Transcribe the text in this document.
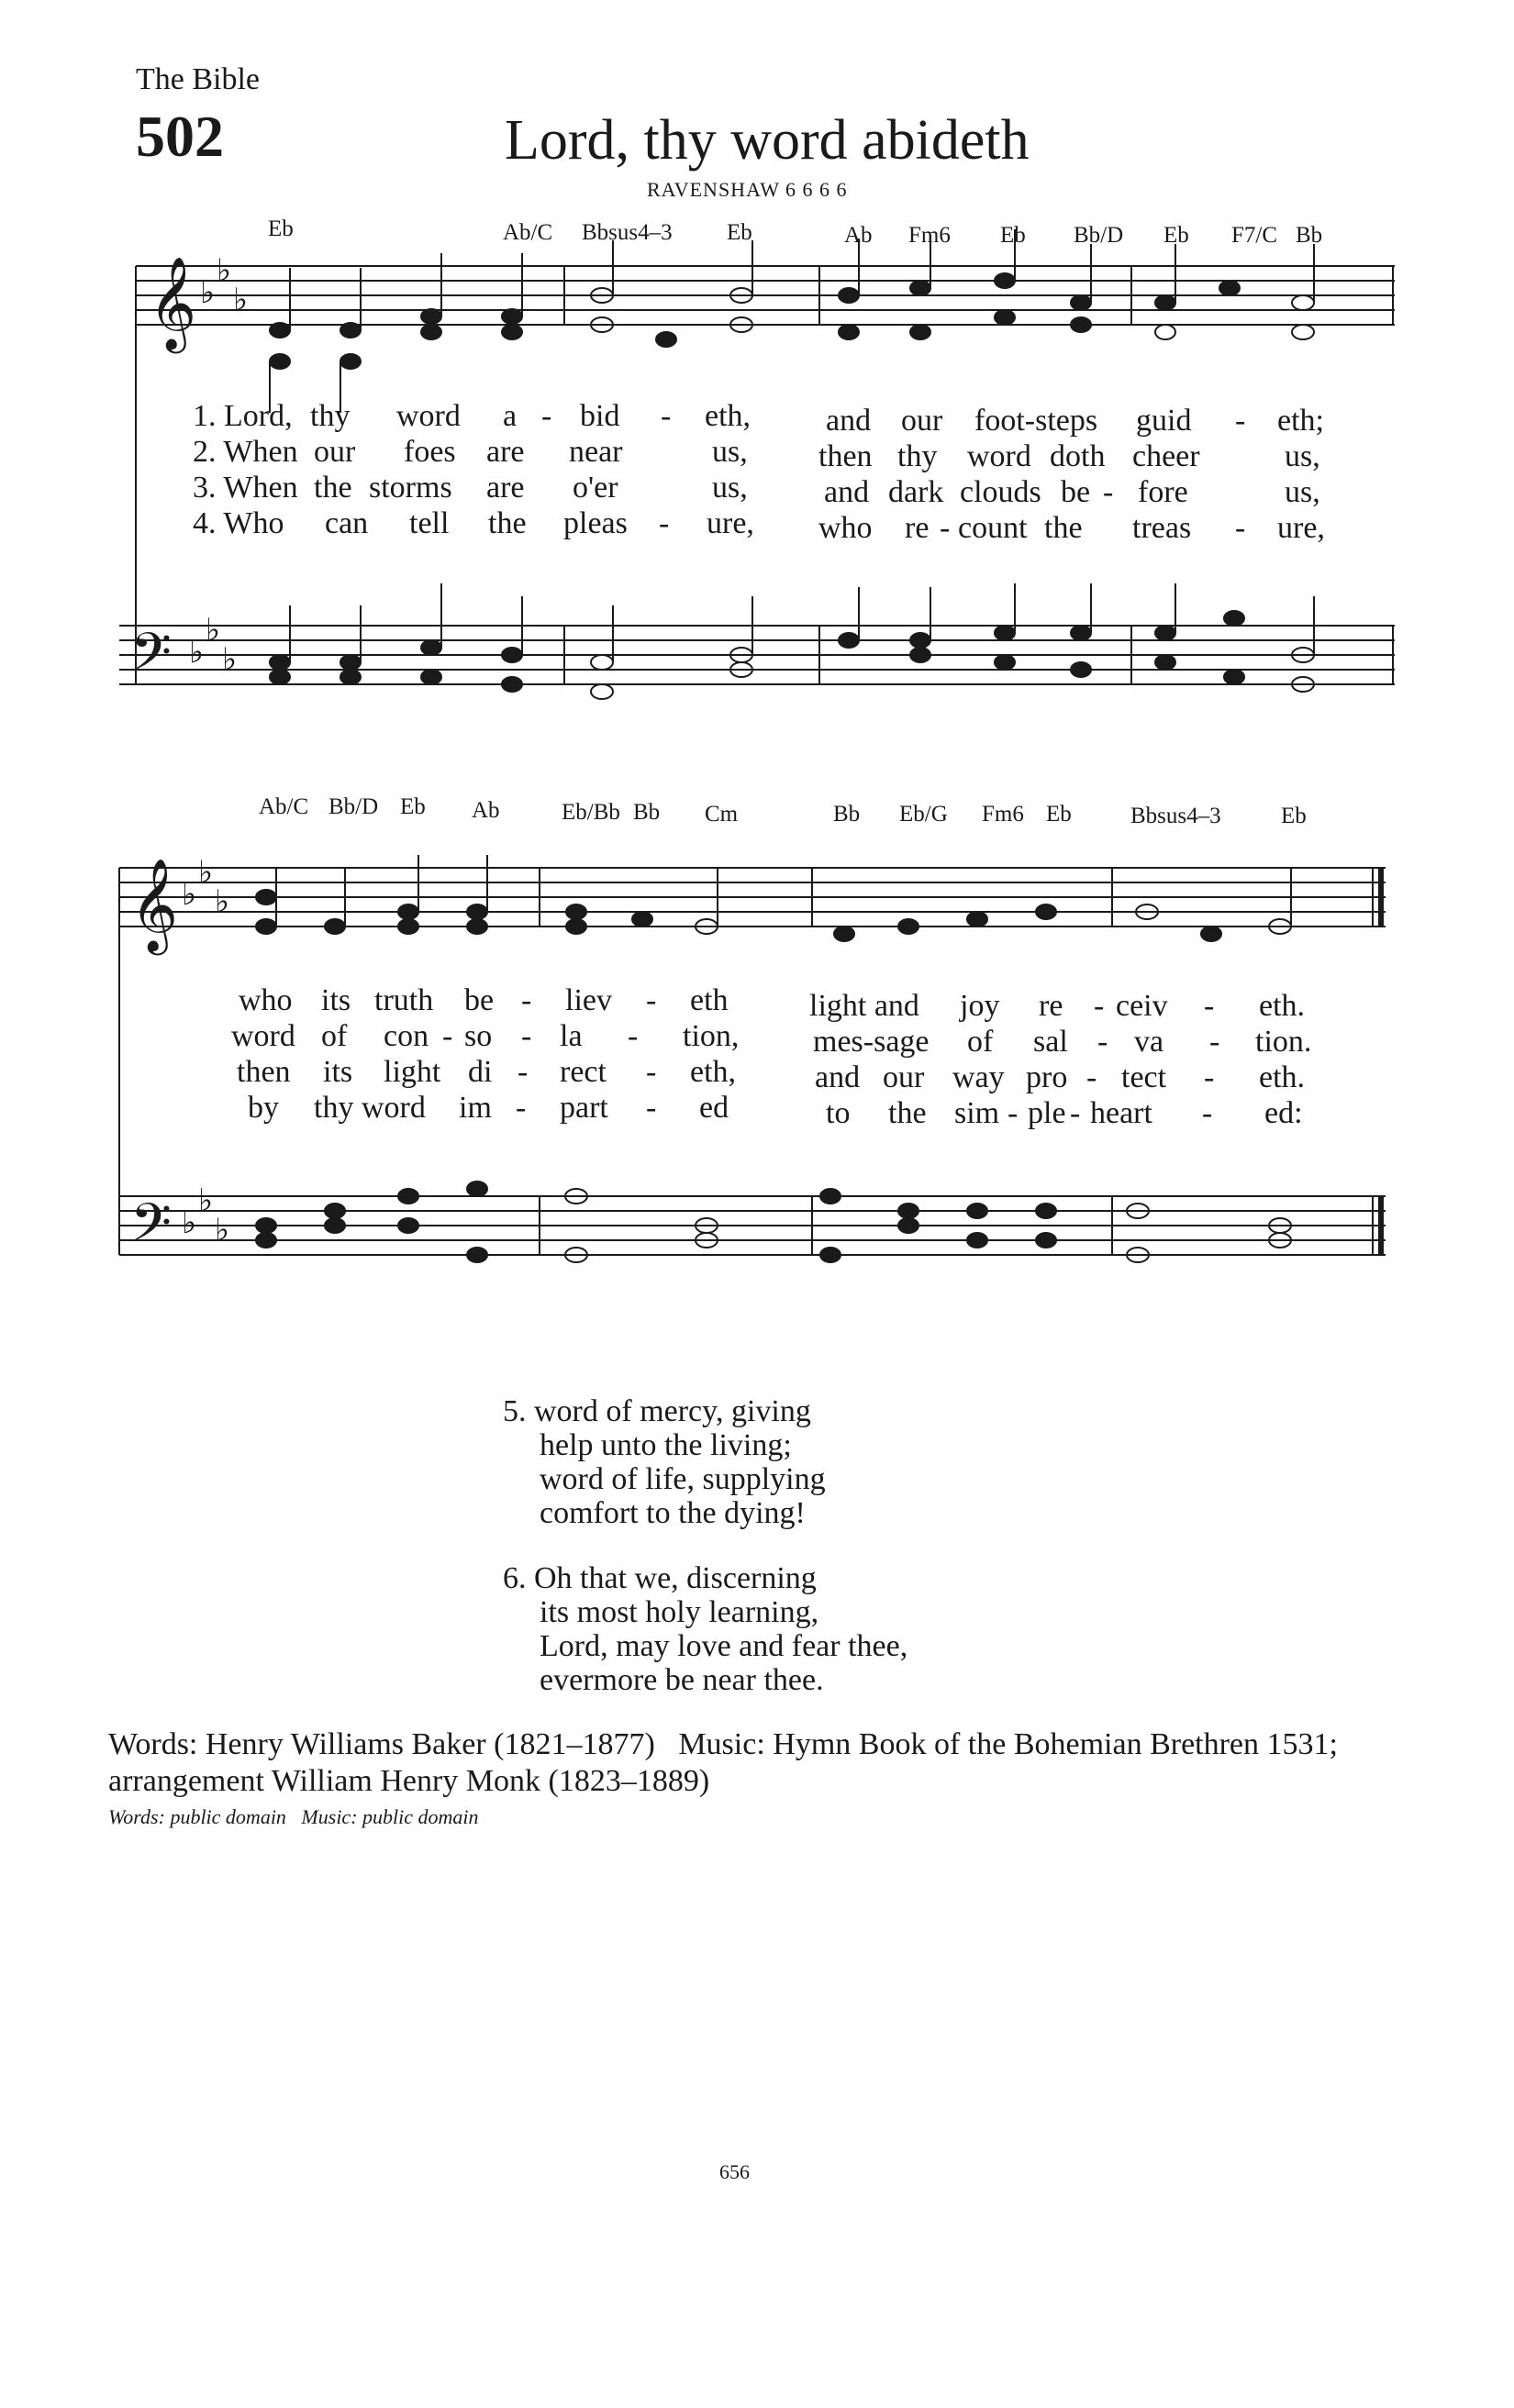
The Bible
502	Lord, thy word abideth
RAVENSHAW 6 6 6 6
𝄞
𝄢
𝄞
𝄢
♭
♭
♭
♭
♭
♭
♭
♭
♭
♭
♭
♭
Eb	Ab/C Bbsus4–3 Eb	Ab Fm6 Eb Bb/D Eb F7/C Bb
1. Lord, thy word a - bid - eth, and our foot-steps guid - eth;
2. When our foes are near	us, then thy word doth cheer	us,
3. When the storms are o'er	us, and dark clouds be - fore	us,
4. Who can tell the pleas - ure, who re - count the treas - ure,
Ab/C Bb/D Eb Ab	Eb/Bb Bb Cm	Bb Eb/G Fm6 Eb	Bbsus4–3	Eb
who its truth be - liev - eth	light and joy re - ceiv - eth.
word of con - so - la - tion, mes-sage of sal - va - tion.
then its light di - rect - eth,	and our way pro - tect - eth.
by thy word im - part - ed	to the sim - ple - heart - ed:
5. word of mercy, giving
help unto the living;
word of life, supplying
comfort to the dying!
6. Oh that we, discerning
its most holy learning,
Lord, may love and fear thee,
evermore be near thee.
Words: Henry Williams Baker (1821–1877)   Music: Hymn Book of the Bohemian Brethren 1531;
arrangement William Henry Monk (1823–1889)
Words: public domain   Music: public domain
656
